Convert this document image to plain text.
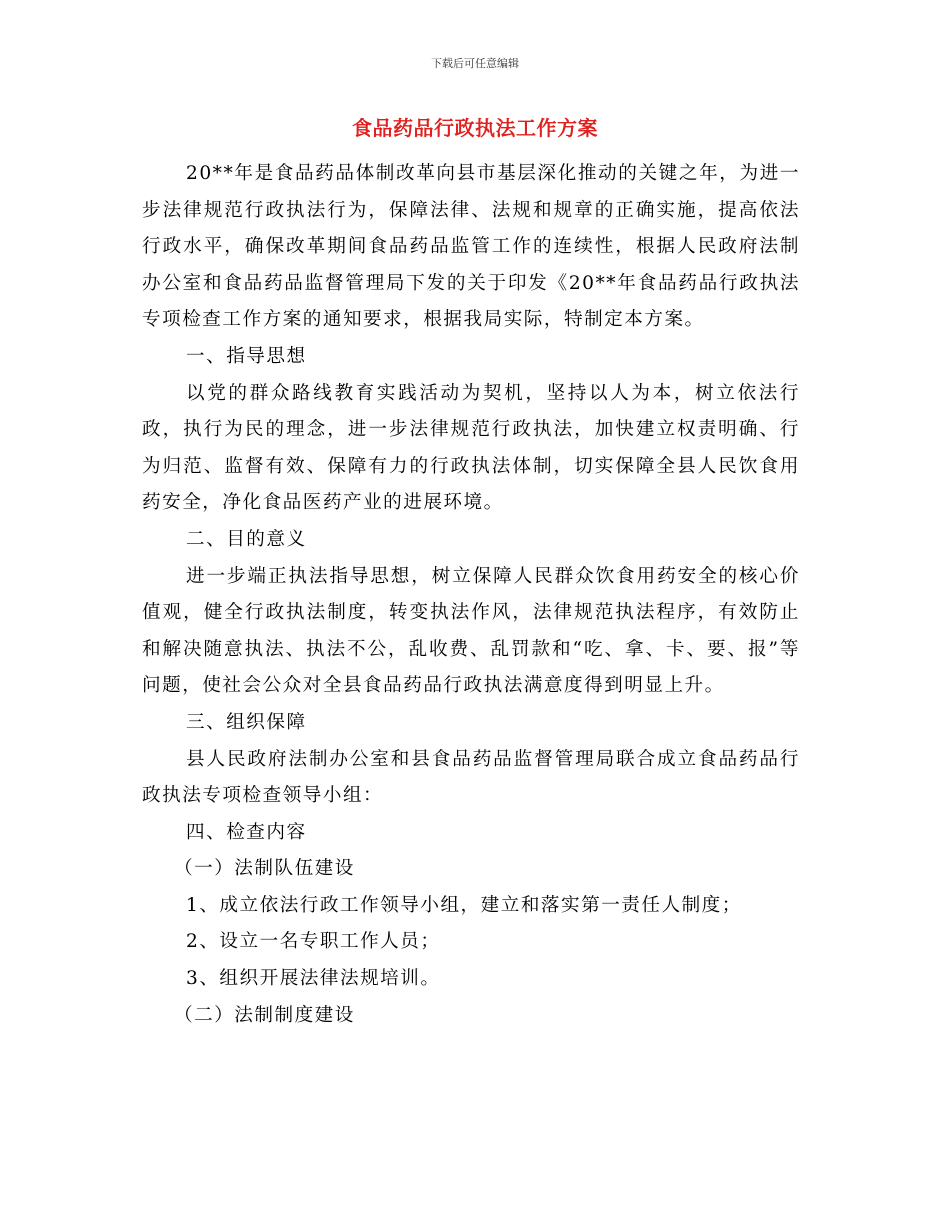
下载后可任意编辑
食品药品行政执法工作方案

20**年是食品药品体制改革向县市基层深化推动的关键之年，为进一步法律规范行政执法行为，保障法律、法规和规章的正确实施，提高依法行政水平，确保改革期间食品药品监管工作的连续性，根据人民政府法制办公室和食品药品监督管理局下发的关于印发《20**年食品药品行政执法专项检查工作方案的通知要求，根据我局实际，特制定本方案。

一、指导思想

以党的群众路线教育实践活动为契机，坚持以人为本，树立依法行政，执行为民的理念，进一步法律规范行政执法，加快建立权责明确、行为归范、监督有效、保障有力的行政执法体制，切实保障全县人民饮食用药安全，净化食品医药产业的进展环境。

二、目的意义

进一步端正执法指导思想，树立保障人民群众饮食用药安全的核心价值观，健全行政执法制度，转变执法作风，法律规范执法程序，有效防止和解决随意执法、执法不公，乱收费、乱罚款和“吃、拿、卡、要、报”等问题，使社会公众对全县食品药品行政执法满意度得到明显上升。

三、组织保障

县人民政府法制办公室和县食品药品监督管理局联合成立食品药品行政执法专项检查领导小组：

四、检查内容

（一）法制队伍建设

1、成立依法行政工作领导小组，建立和落实第一责任人制度；

2、设立一名专职工作人员；

3、组织开展法律法规培训。

（二）法制制度建设
